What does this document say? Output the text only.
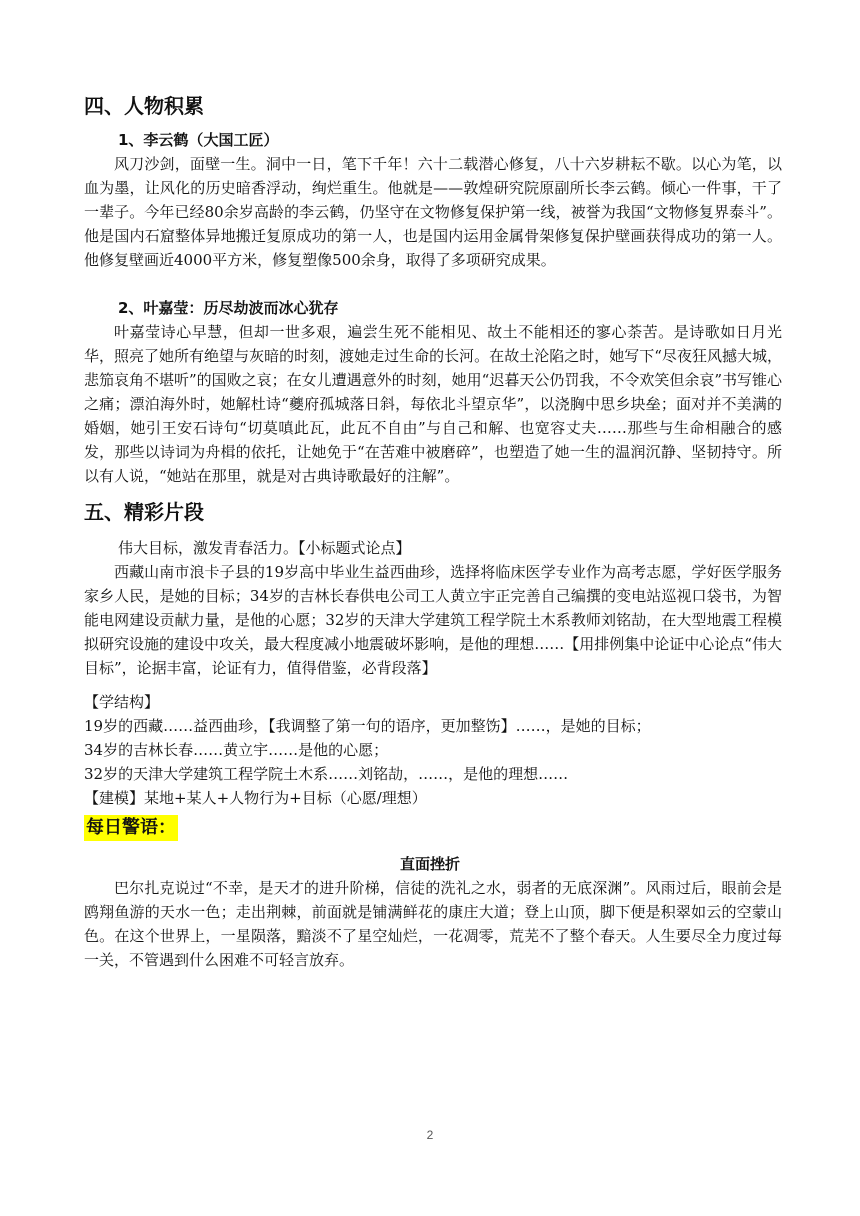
四、人物积累
1、李云鹤（大国工匠）
风刀沙剑，面壁一生。洞中一日，笔下千年！六十二载潜心修复，八十六岁耕耘不歇。以心为笔，以血为墨，让风化的历史暗香浮动，绚烂重生。他就是——敦煌研究院原副所长李云鹤。倾心一件事，干了一辈子。今年已经80余岁高龄的李云鹤，仍坚守在文物修复保护第一线，被誉为我国“文物修复界泰斗”。他是国内石窟整体异地搬迁复原成功的第一人，也是国内运用金属骨架修复保护壁画获得成功的第一人。他修复壁画近4000平方米，修复塑像500余身，取得了多项研究成果。
2、叶嘉莹：历尽劫波而冰心犹存
叶嘉莹诗心早慧，但却一世多艰，遍尝生死不能相见、故土不能相还的寥心荼苦。是诗歌如日月光华，照亮了她所有绝望与灰暗的时刻，渡她走过生命的长河。在故土沦陷之时，她写下“尽夜狂风撼大城，悲笳哀角不堪听”的国败之哀；在女儿遭遇意外的时刻，她用“迟暮天公仍罚我，不令欢笑但余哀”书写锥心之痛；漂泊海外时，她解杜诗“夔府孤城落日斜，每依北斗望京华”，以浇胸中思乡块垒；面对并不美满的婚姻，她引王安石诗句“切莫嗔此瓦，此瓦不自由”与自己和解、也宽容丈夫……那些与生命相融合的感发，那些以诗词为舟楫的依托，让她免于“在苦难中被磨碎”，也塑造了她一生的温润沉静、坚韧持守。所以有人说，“她站在那里，就是对古典诗歌最好的注解”。
五、精彩片段
伟大目标，激发青春活力。【小标题式论点】
西藏山南市浪卡子县的19岁高中毕业生益西曲珍，选择将临床医学专业作为高考志愿，学好医学服务家乡人民，是她的目标；34岁的吉林长春供电公司工人黄立宇正完善自己编撰的变电站巡视口袋书，为智能电网建设贡献力量，是他的心愿；32岁的天津大学建筑工程学院土木系教师刘铭劼，在大型地震工程模拟研究设施的建设中攻关，最大程度减小地震破坏影响，是他的理想……【用排例集中论证中心论点“伟大目标”，论据丰富，论证有力，值得借鉴，必背段落】
【学结构】
19岁的西藏……益西曲珍，【我调整了第一句的语序，更加整饬】……，是她的目标；
34岁的吉林长春……黄立宇……是他的心愿；
32岁的天津大学建筑工程学院土木系……刘铭劼，……，是他的理想……
【建模】某地+某人+人物行为+目标（心愿/理想）
每日警语：
直面挫折
巴尔扎克说过“不幸，是天才的进升阶梯，信徒的洗礼之水，弱者的无底深渊”。风雨过后，眼前会是鸥翔鱼游的天水一色；走出荆棘，前面就是铺满鲜花的康庄大道；登上山顶，脚下便是积翠如云的空蒙山色。在这个世界上，一星陨落，黯淡不了星空灿烂，一花凋零，荒芜不了整个春天。人生要尽全力度过每一关，不管遇到什么困难不可轻言放弃。
2
